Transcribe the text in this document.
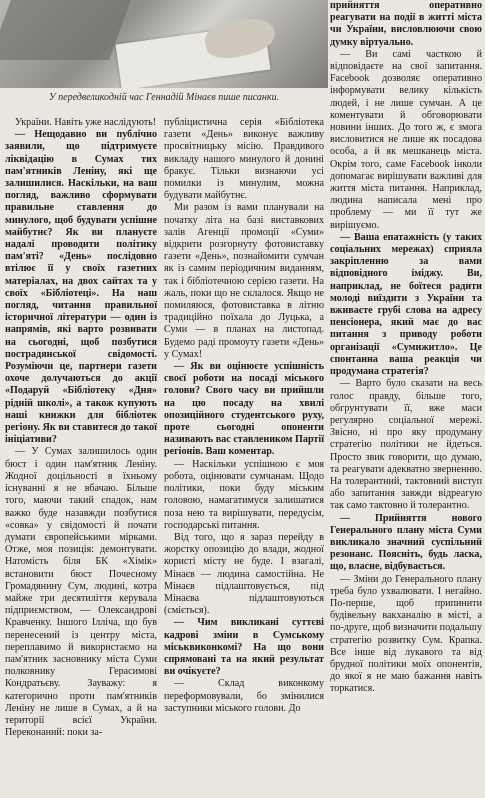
У передвеликодній час Геннадій Мінаєв пише писанки.

України. Навіть уже наслідують!

— Нещодавно ви публічно заявили, що підтримуєте ліквідацію в Сумах тих пам'ятників Леніну, які ще залишилися. Наскільки, на ваш погляд, важливо сформувати правильне ставлення до минулого, щоб будувати успішне майбутнє? Як ви плануєте надалі проводити політику пам'яті? «День» послідовно втілює її у своїх газетних матеріалах, на двох сайтах та у своїх «Бібліотеці». На наш погляд, читання правильної історичної літератури — один із напрямів, які варто розвивати на сьогодні, щоб позбутися пострадянської свідомості. Розуміючи це, партнери газети охоче долучаються до акції «Подаруй «Бібліотеку «Дня» рідній школі», а також купують наші книжки для бібліотек регіону. Як ви ставитеся до такої ініціативи?

— У Сумах залишилось один бюст і один пам'ятник Леніну. Жодної доцільності в їхньому існуванні я не вбачаю. Більше того, маючи такий спадок, нам важко буде назавжди позбутися «совка» у свідомості й почати думати європейськими мірками. Отже, моя позиція: демонтувати. Натомість біля БК «Хімік» встановити бюст Почесному Громадянину Сум, людині, котра майже три десятиліття керувала підприємством, — Олександрові Кравченку. Іншого Ілліча, що був перенесений із центру міста, переплавимо й використаємо на пам'ятник засновнику міста Суми полковнику Герасимові Кондратьєву. Зауважу: я категорично проти пам'ятників Леніну не лише в Сумах, а й на території всієї України. Переконаний: поки за-

публіцистична серія «Бібліотека газети «День» виконує важливу просвітницьку місію. Правдивого викладу нашого минулого й донині бракує. Тільки визнаючи усі помилки із минулим, можна будувати майбутнє.

Ми разом із вами планували на початку літа на базі виставкових залів Агенції промоції «Суми» відкрити розгорнуту фотовиставку газети «День», познайомити сумчан як із самим періодичним виданням, так і бібліотечною серією газети. На жаль, поки що не склалося. Якщо не помиляюся, фотовиставка в літню традиційно поїхала до Луцька, а Суми — в планах на листопад. Будемо раді промоуту газети «День» у Сумах!

— Як ви оцінюєте успішність своєї роботи на посаді міського голови? Свого часу ви прийшли на цю посаду на хвилі опозиційного студентського руху, проте сьогодні опоненти називають вас ставлеником Партії регіонів. Ваш коментар.

— Наскільки успішною є моя робота, оцінювати сумчанам. Щодо політики, поки буду міським головою, намагатимуся залишатися поза нею та вирішувати, передусім, господарські питання.

Від того, що я зараз перейду в жорстку опозицію до влади, жодної користі місту не буде. І взагалі, Мінаєв — людина самостійна. Не Мінаєв підлаштовується, під Мінаєва підлаштовуються (сміється).

— Чим викликані суттєві кадрові зміни в Сумському міськвиконкомі? На що вони спрямовані та на який результат ви очікуєте?

— Склад виконкому переформовували, бо змінилися заступники міського голови. До

прийняття оперативно реагувати на події в житті міста чи України, висловлюючи свою думку віртуально.

— Ви самі часткою й відповідаєте на свої запитання. Facebook дозволяє оперативно інформувати велику кількість людей, і не лише сумчан. А це коментувати й обговорювати новини інших. До того ж, є змога висловитися не лише як посадова особа, а й як мешканець міста. Окрім того, саме Facebook інколи допомагає вирішувати важливі для життя міста питання. Наприклад, людина написала мені про проблему — ми її тут же вирішуємо.

— Ваша епатажність (у таких соціальних мережах) сприяла закріпленню за вами відповідного іміджу. Ви, наприклад, не боїтеся радити молоді виїздити з України та вживаєте грубі слова на адресу пенсіонера, який має до вас питання з приводу роботи організації «Сумижитло». Це спонтанна ваша реакція чи продумана стратегія?

— Варто було сказати на весь голос правду, більше того, обгрунтувати її, вже маси регулярно соціальної мережі. Звісно, ні про яку продуману стратегію політики не йдеться. Просто звик говорити, що думаю, та реагувати адекватно зверненню. На толерантний, тактовний виступ або запитання завжди відреагую так само тактовно й толерантно.

— Прийняття нового Генерального плану міста Суми викликало значний суспільний резонанс. Поясніть, будь ласка, що, власне, відбувається.

— Зміни до Генерального плану треба було ухвалювати. І негайно. По-перше, щоб припинити будівельну вакханалію в місті, а по-друге, щоб визначити подальшу стратегію розвитку Сум. Крапка. Все інше від лукавого та від брудної політики моїх опонентів, до якої я не маю бажання навіть торкатися.
